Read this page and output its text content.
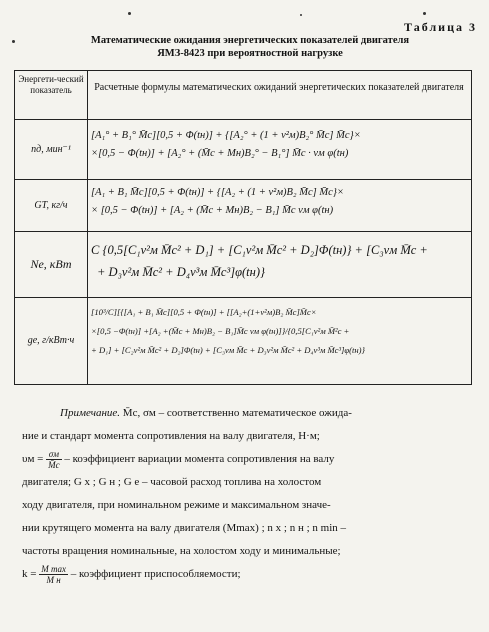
Таблица 3
Математические ожидания энергетических показателей двигателя
ЯМЗ-8423 при вероятностной нагрузке
Энергети-ческий показатель	Расчетные формулы математических ожиданий энергетических показателей двигателя
nд, мин⁻¹
[A₁° + B₁° M̄c][0,5 + Φ(tн)] + {[A₂° + (1 + v²м)B₂° M̄c] M̄c}×
×[0,5 − Φ(tн)] + [A₂° + (M̄c + Mн)B₂° − B₁°] M̄c · vм φ(tн)
GT, кг/ч
[A₁ + B₁ M̄c][0,5 + Φ(tн)] + {[A₂ + (1 + v²м)B₂ M̄c] M̄c}×
× [0,5 − Φ(tн)] + [A₂ + (M̄c + Mн)B₂ − B₁] M̄c vм φ(tн)
Nе, кВт
C {0,5[C₁v²м M̄c² + D₁] + [C₁v²м M̄c² + D₂]Φ(tн)} + [C₃vм M̄c +
+ D₃v²м M̄c² + D₄v³м M̄c³]φ(tн)}
gе, г/кВт·ч
[10³/C][{[A₁ + B₁ M̄c][0,5 + Φ(tн)] + [[A₂+(1+v²м)B₂ M̄c]M̄c×
×[0,5 −Φ(tн)] +[A₂ +(M̄c + Mн)B₂ − B₁]M̄c vм φ(tн)]}/{0,5[C₁v²м M̄²c +
+ D₁] + [C₂v²м M̄c² + D₂]Φ(tн) + [C₃vм M̄c + D₃v²м M̄c² + D₄v³м M̄c³]φ(tн)}

Примечание. M̄c, σм – соответственно математическое ожида-

ние и стандарт момента сопротивления на валу двигателя, Н·м;

$\upsilon м = \frac{\sigma м}{M̄c}$ – коэффициент вариации момента сопротивления на валу

двигателя; G x ; G н ; G e – часовой расход топлива на холостом

ходу двигателя, при номинальном режиме и максимальном значе-

нии крутящего момента на валу двигателя (Mmax) ; n x ; n н ; n min –

частоты вращения номинальные, на холостом ходу и минимальные;

$k = \frac{\text{M max}}{\text{M н}}$ – коэффициент приспособляемости;
